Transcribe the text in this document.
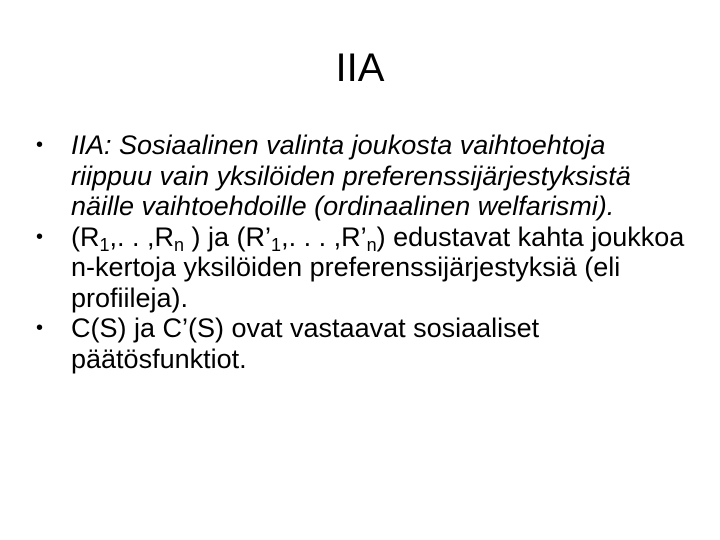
IIA
•	IIA: Sosiaalinen valinta joukosta vaihtoehtoja riippuu vain yksilöiden preferenssijärjestyksistä näille vaihtoehdoille (ordinaalinen welfarismi).
•	($R_1$,. . $,R_n$ ) ja ($R’_1$,. . . $,R’_n$) edustavat kahta joukkoa n-kertoja yksilöiden preferenssijärjestyksiä (eli profiileja).
•	C(S) ja C’(S) ovat vastaavat sosiaaliset päätösfunktiot.
